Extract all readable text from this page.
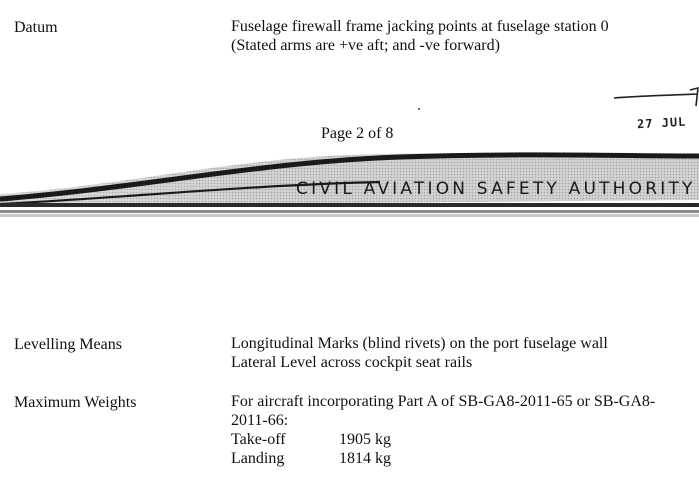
Datum	Fuselage firewall frame jacking points at fuselage station 0
(Stated arms are +ve aft; and -ve forward)
27 JUL
Page 2 of 8
CIVIL AVIATION SAFETY AUTHORITY
Levelling Means	Longitudinal Marks (blind rivets) on the port fuselage wall
Lateral Level across cockpit seat rails
Maximum Weights	For aircraft incorporating Part A of SB-GA8-2011-65 or SB-GA8-2011-66:
Take-off	1905 kg
Landing	1814 kg
